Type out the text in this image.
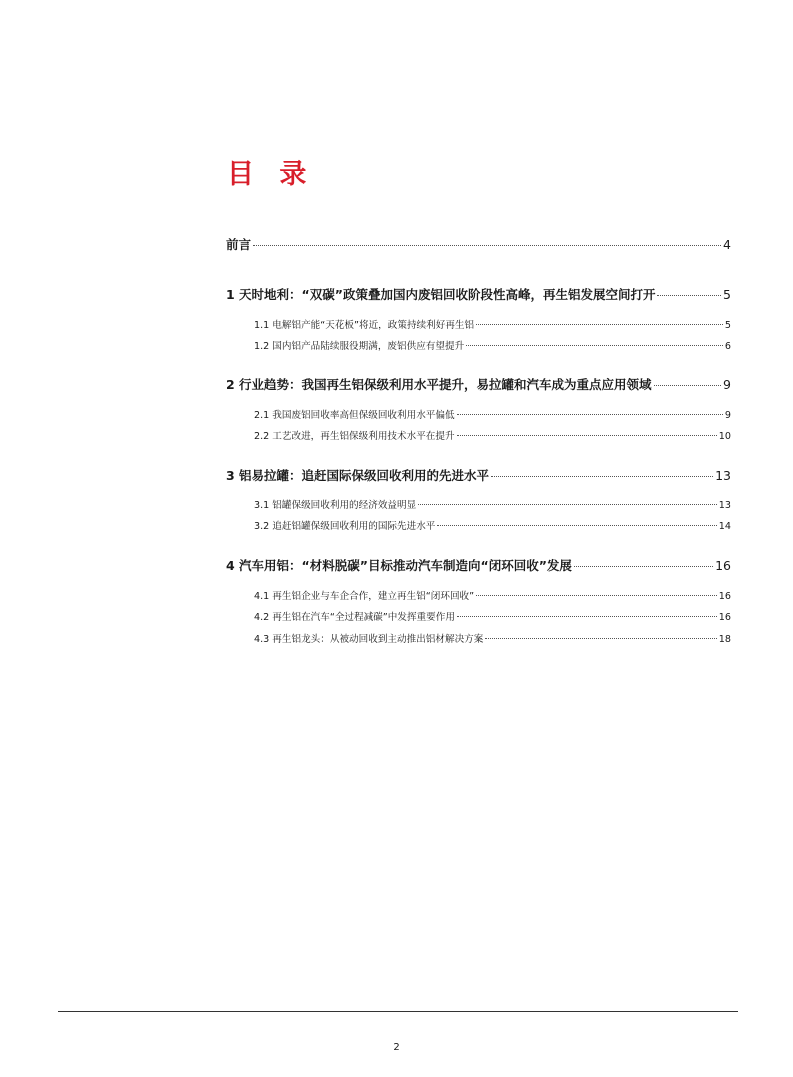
目 录
前言	4
1 天时地利：“双碳”政策叠加国内废铝回收阶段性高峰，再生铝发展空间打开	5
1.1 电解铝产能“天花板”将近，政策持续利好再生铝	5
1.2 国内铝产品陆续服役期满，废铝供应有望提升	6
2 行业趋势：我国再生铝保级利用水平提升，易拉罐和汽车成为重点应用领域	9
2.1 我国废铝回收率高但保级回收利用水平偏低	9
2.2 工艺改进，再生铝保级利用技术水平在提升	10
3 铝易拉罐：追赶国际保级回收利用的先进水平	13
3.1 铝罐保级回收利用的经济效益明显	13
3.2 追赶铝罐保级回收利用的国际先进水平	14
4 汽车用铝：“材料脱碳”目标推动汽车制造向“闭环回收”发展	16
4.1 再生铝企业与车企合作，建立再生铝“闭环回收”	16
4.2 再生铝在汽车“全过程减碳”中发挥重要作用	16
4.3 再生铝龙头：从被动回收到主动推出铝材解决方案	18
2
